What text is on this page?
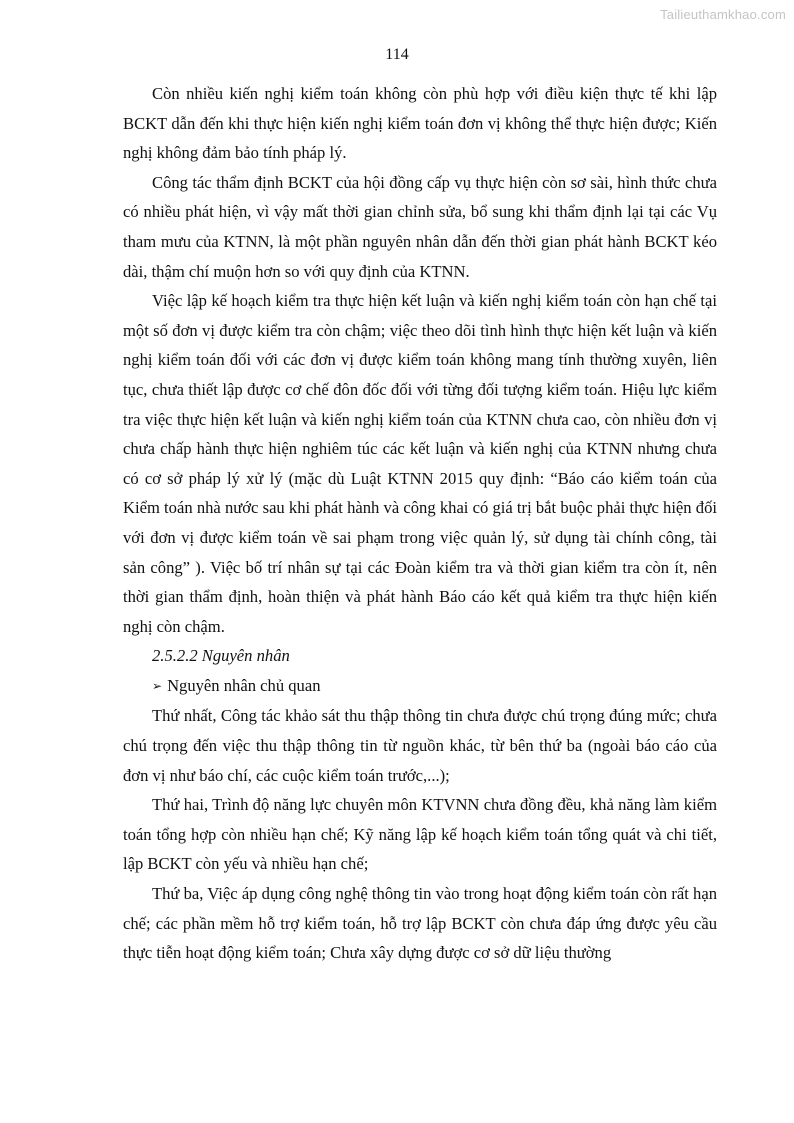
Tailieuthamkhao.com
114

Còn nhiều kiến nghị kiểm toán không còn phù hợp với điều kiện thực tế khi lập BCKT dẫn đến khi thực hiện kiến nghị kiểm toán đơn vị không thể thực hiện được; Kiến nghị không đảm bảo tính pháp lý.

Công tác thẩm định BCKT của hội đồng cấp vụ thực hiện còn sơ sài, hình thức chưa có nhiều phát hiện, vì vậy mất thời gian chỉnh sửa, bổ sung khi thẩm định lại tại các Vụ tham mưu của KTNN, là một phần nguyên nhân dẫn đến thời gian phát hành BCKT kéo dài, thậm chí muộn hơn so với quy định của KTNN.

Việc lập kế hoạch kiểm tra thực hiện kết luận và kiến nghị kiểm toán còn hạn chế tại một số đơn vị được kiểm tra còn chậm; việc theo dõi tình hình thực hiện kết luận và kiến nghị kiểm toán đối với các đơn vị được kiểm toán không mang tính thường xuyên, liên tục, chưa thiết lập được cơ chế đôn đốc đối với từng đối tượng kiểm toán. Hiệu lực kiểm tra việc thực hiện kết luận và kiến nghị kiểm toán của KTNN chưa cao, còn nhiều đơn vị chưa chấp hành thực hiện nghiêm túc các kết luận và kiến nghị của KTNN nhưng chưa có cơ sở pháp lý xử lý (mặc dù Luật KTNN 2015 quy định: “Báo cáo kiểm toán của Kiểm toán nhà nước sau khi phát hành và công khai có giá trị bắt buộc phải thực hiện đối với đơn vị được kiểm toán về sai phạm trong việc quản lý, sử dụng tài chính công, tài sản công” ). Việc bố trí nhân sự tại các Đoàn kiểm tra và thời gian kiểm tra còn ít, nên thời gian thẩm định, hoàn thiện và phát hành Báo cáo kết quả kiểm tra thực hiện kiến nghị còn chậm.

2.5.2.2 Nguyên nhân

➢ Nguyên nhân chủ quan

Thứ nhất, Công tác khảo sát thu thập thông tin chưa được chú trọng đúng mức; chưa chú trọng đến việc thu thập thông tin từ nguồn khác, từ bên thứ ba (ngoài báo cáo của đơn vị như báo chí, các cuộc kiểm toán trước,...);

Thứ hai, Trình độ năng lực chuyên môn KTVNN chưa đồng đều, khả năng làm kiểm toán tổng hợp còn nhiều hạn chế; Kỹ năng lập kế hoạch kiểm toán tổng quát và chi tiết, lập BCKT còn yếu và nhiều hạn chế;

Thứ ba, Việc áp dụng công nghệ thông tin vào trong hoạt động kiểm toán còn rất hạn chế; các phần mềm hỗ trợ kiểm toán, hỗ trợ lập BCKT còn chưa đáp ứng được yêu cầu thực tiễn hoạt động kiểm toán; Chưa xây dựng được cơ sở dữ liệu thường
